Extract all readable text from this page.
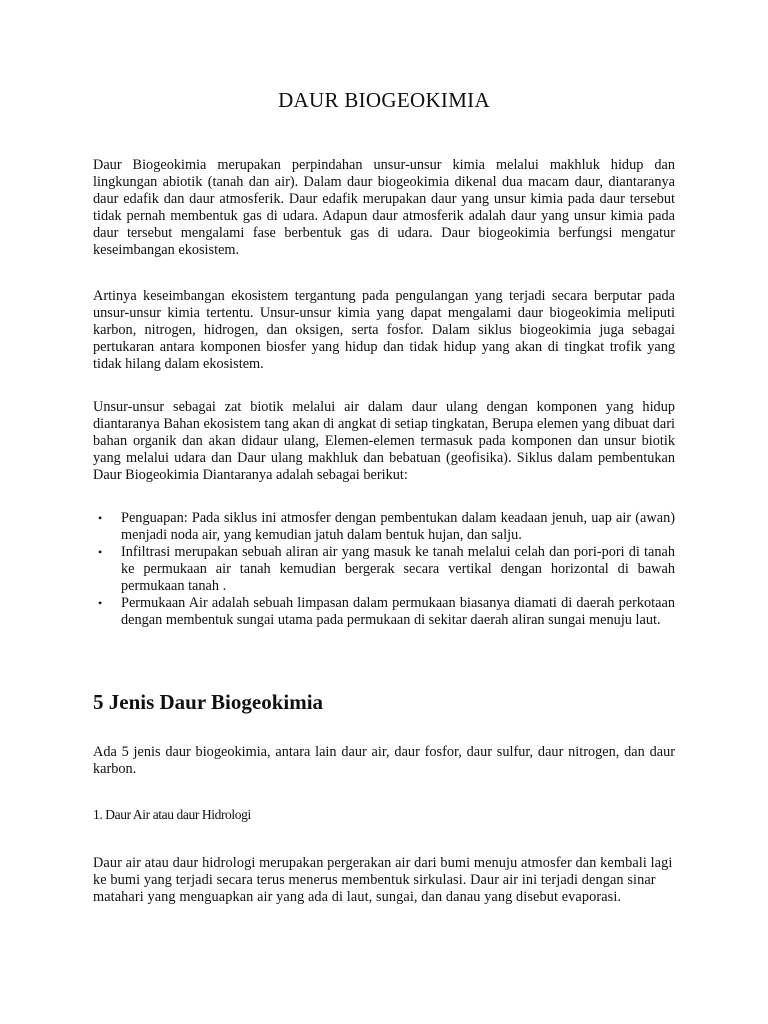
DAUR BIOGEOKIMIA

Daur Biogeokimia merupakan perpindahan unsur-unsur kimia melalui makhluk hidup dan lingkungan abiotik (tanah dan air). Dalam daur biogeokimia dikenal dua macam daur, diantaranya daur edafik dan daur atmosferik. Daur edafik merupakan daur yang unsur kimia pada daur tersebut tidak pernah membentuk gas di udara. Adapun daur atmosferik adalah daur yang unsur kimia pada daur tersebut mengalami fase berbentuk gas di udara. Daur biogeokimia berfungsi mengatur keseimbangan ekosistem.

Artinya keseimbangan ekosistem tergantung pada pengulangan yang terjadi secara berputar pada unsur-unsur kimia tertentu. Unsur-unsur kimia yang dapat mengalami daur biogeokimia meliputi karbon, nitrogen, hidrogen, dan oksigen, serta fosfor. Dalam siklus biogeokimia juga sebagai pertukaran antara komponen biosfer yang hidup dan tidak hidup yang akan di tingkat trofik yang tidak hilang dalam ekosistem.

Unsur-unsur sebagai zat biotik melalui air dalam daur ulang dengan komponen yang hidup diantaranya Bahan ekosistem tang akan di angkat di setiap tingkatan, Berupa elemen yang dibuat dari bahan organik dan akan didaur ulang, Elemen-elemen termasuk pada komponen dan unsur biotik yang melalui udara dan Daur ulang makhluk dan bebatuan (geofisika). Siklus dalam pembentukan Daur Biogeokimia Diantaranya adalah sebagai berikut:

• Penguapan: Pada siklus ini atmosfer dengan pembentukan dalam keadaan jenuh, uap air (awan) menjadi noda air, yang kemudian jatuh dalam bentuk hujan, dan salju.
• Infiltrasi merupakan sebuah aliran air yang masuk ke tanah melalui celah dan pori-pori di tanah ke permukaan air tanah kemudian bergerak secara vertikal dengan horizontal di bawah permukaan tanah .
• Permukaan Air adalah sebuah limpasan dalam permukaan biasanya diamati di daerah perkotaan dengan membentuk sungai utama pada permukaan di sekitar daerah aliran sungai menuju laut.
5 Jenis Daur Biogeokimia

Ada 5 jenis daur biogeokimia, antara lain daur air, daur fosfor, daur sulfur, daur nitrogen, dan daur karbon.

1. Daur Air atau daur Hidrologi

Daur air atau daur hidrologi merupakan pergerakan air dari bumi menuju atmosfer dan kembali lagi ke bumi yang terjadi secara terus menerus membentuk sirkulasi. Daur air ini terjadi dengan sinar matahari yang menguapkan air yang ada di laut, sungai, dan danau yang disebut evaporasi.
